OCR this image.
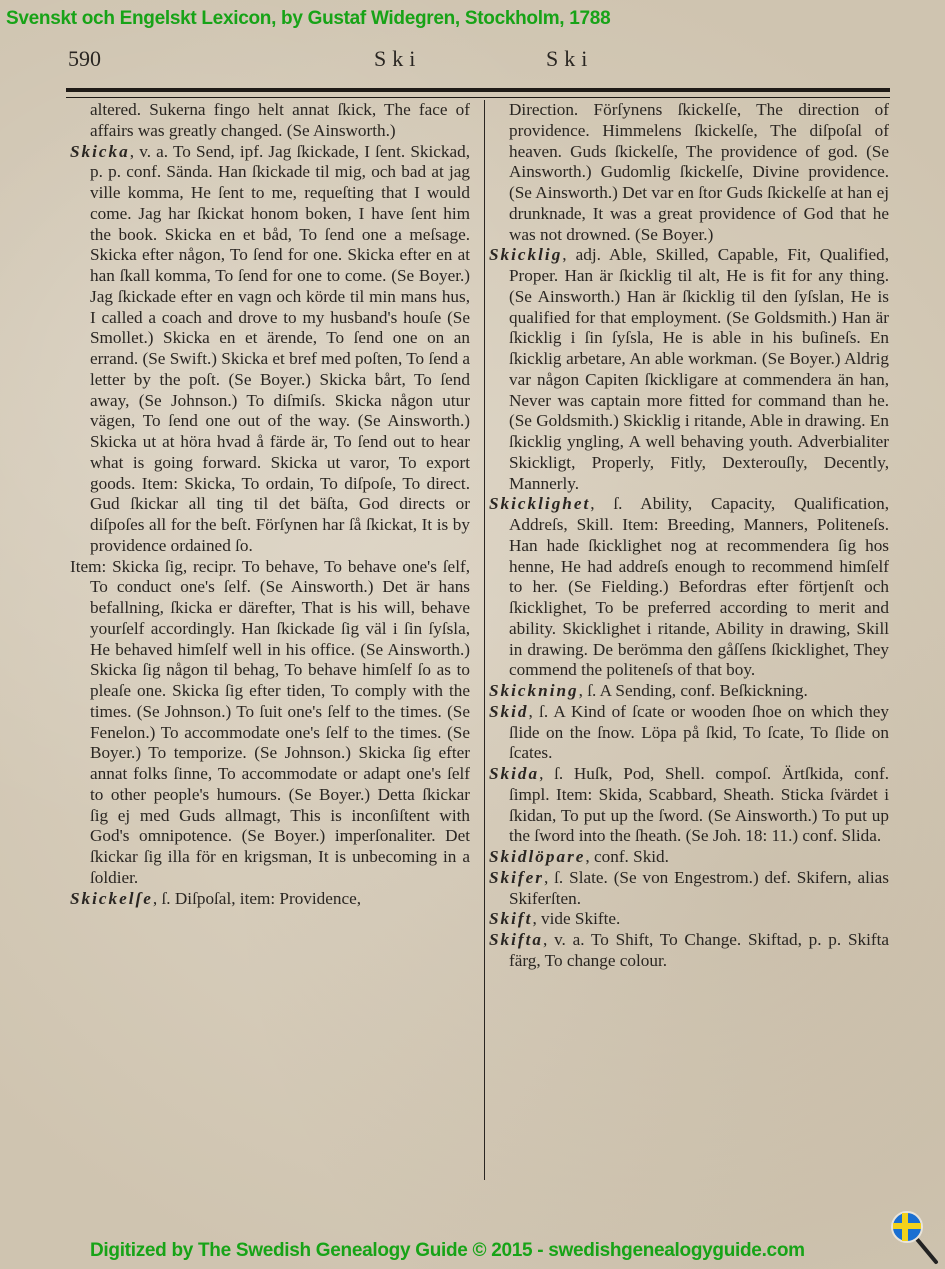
Svenskt och Engelskt Lexicon, by Gustaf Widegren, Stockholm, 1788
590	Ski	Ski

altered. Sukerna fingo helt annat ſkick, The face of affairs was greatly changed. (Se Ainsworth.)

Skicka, v. a. To Send, ipf. Jag ſkickade, I ſent. Skickad, p. p. conf. Sända. Han ſkickade til mig, och bad at jag ville komma, He ſent to me, requeſting that I would come. Jag har ſkickat honom boken, I have ſent him the book. Skicka en et båd, To ſend one a meſsage. Skicka efter någon, To ſend for one. Skicka efter en at han ſkall komma, To ſend for one to come. (Se Boyer.) Jag ſkickade efter en vagn och körde til min mans hus, I called a coach and drove to my husband's houſe (Se Smollet.) Skicka en et ärende, To ſend one on an errand. (Se Swift.) Skicka et bref med poſten, To ſend a letter by the poſt. (Se Boyer.) Skicka bårt, To ſend away, (Se Johnson.) To diſmiſs. Skicka någon utur vägen, To ſend one out of the way. (Se Ainsworth.) Skicka ut at höra hvad å färde är, To ſend out to hear what is going forward. Skicka ut varor, To export goods. Item: Skicka, To ordain, To diſpoſe, To direct. Gud ſkickar all ting til det bäſta, God directs or diſpoſes all for the beſt. Förſynen har ſå ſkickat, It is by providence ordained ſo.

Item: Skicka ſig, recipr. To behave, To behave one's ſelf, To conduct one's ſelf. (Se Ainsworth.) Det är hans befallning, ſkicka er därefter, That is his will, behave yourſelf accordingly. Han ſkickade ſig väl i ſin ſyſsla, He behaved himſelf well in his office. (Se Ainsworth.) Skicka ſig någon til behag, To behave himſelf ſo as to pleaſe one. Skicka ſig efter tiden, To comply with the times. (Se Johnson.) To ſuit one's ſelf to the times. (Se Fenelon.) To accommodate one's ſelf to the times. (Se Boyer.) To temporize. (Se Johnson.) Skicka ſig efter annat folks ſinne, To accommodate or adapt one's ſelf to other people's humours. (Se Boyer.) Detta ſkickar ſig ej med Guds allmagt, This is inconſiſtent with God's omnipotence. (Se Boyer.) imperſonaliter. Det ſkickar ſig illa för en krigsman, It is unbecoming in a ſoldier.

Skickelſe, ſ. Diſpoſal, item: Providence,

Direction. Förſynens ſkickelſe, The direction of providence. Himmelens ſkickelſe, The diſpoſal of heaven. Guds ſkickelſe, The providence of god. (Se Ainsworth.) Gudomlig ſkickelſe, Divine providence. (Se Ainsworth.) Det var en ſtor Guds ſkickelſe at han ej drunknade, It was a great providence of God that he was not drowned. (Se Boyer.)

Skicklig, adj. Able, Skilled, Capable, Fit, Qualified, Proper. Han är ſkicklig til alt, He is fit for any thing. (Se Ainsworth.) Han är ſkicklig til den ſyſslan, He is qualified for that employment. (Se Goldsmith.) Han är ſkicklig i ſin ſyſsla, He is able in his buſineſs. En ſkicklig arbetare, An able workman. (Se Boyer.) Aldrig var någon Capiten ſkickligare at commendera än han, Never was captain more fitted for command than he. (Se Goldsmith.) Skicklig i ritande, Able in drawing. En ſkicklig yngling, A well behaving youth. Adverbialiter Skickligt, Properly, Fitly, Dexterouſly, Decently, Mannerly.

Skicklighet, ſ. Ability, Capacity, Qualification, Addreſs, Skill. Item: Breeding, Manners, Politeneſs. Han hade ſkicklighet nog at recommendera ſig hos henne, He had addreſs enough to recommend himſelf to her. (Se Fielding.) Befordras efter förtjenſt och ſkicklighet, To be preferred according to merit and ability. Skicklighet i ritande, Ability in drawing, Skill in drawing. De berömma den gåſſens ſkicklighet, They commend the politeneſs of that boy.

Skickning, ſ. A Sending, conf. Beſkickning.

Skid, ſ. A Kind of ſcate or wooden ſhoe on which they ſlide on the ſnow. Löpa på ſkid, To ſcate, To ſlide on ſcates.

Skida, ſ. Huſk, Pod, Shell. compoſ. Ärtſkida, conf. ſimpl. Item: Skida, Scabbard, Sheath. Sticka ſvärdet i ſkidan, To put up the ſword. (Se Ainsworth.) To put up the ſword into the ſheath. (Se Joh. 18: 11.) conf. Slida.

Skidlöpare, conf. Skid.

Skifer, ſ. Slate. (Se von Engestrom.) def. Skifern, alias Skiferſten.

Skift, vide Skifte.

Skifta, v. a. To Shift, To Change. Skiftad, p. p. Skifta färg, To change colour.

Digitized by The Swedish Genealogy Guide © 2015 - swedishgenealogyguide.com
